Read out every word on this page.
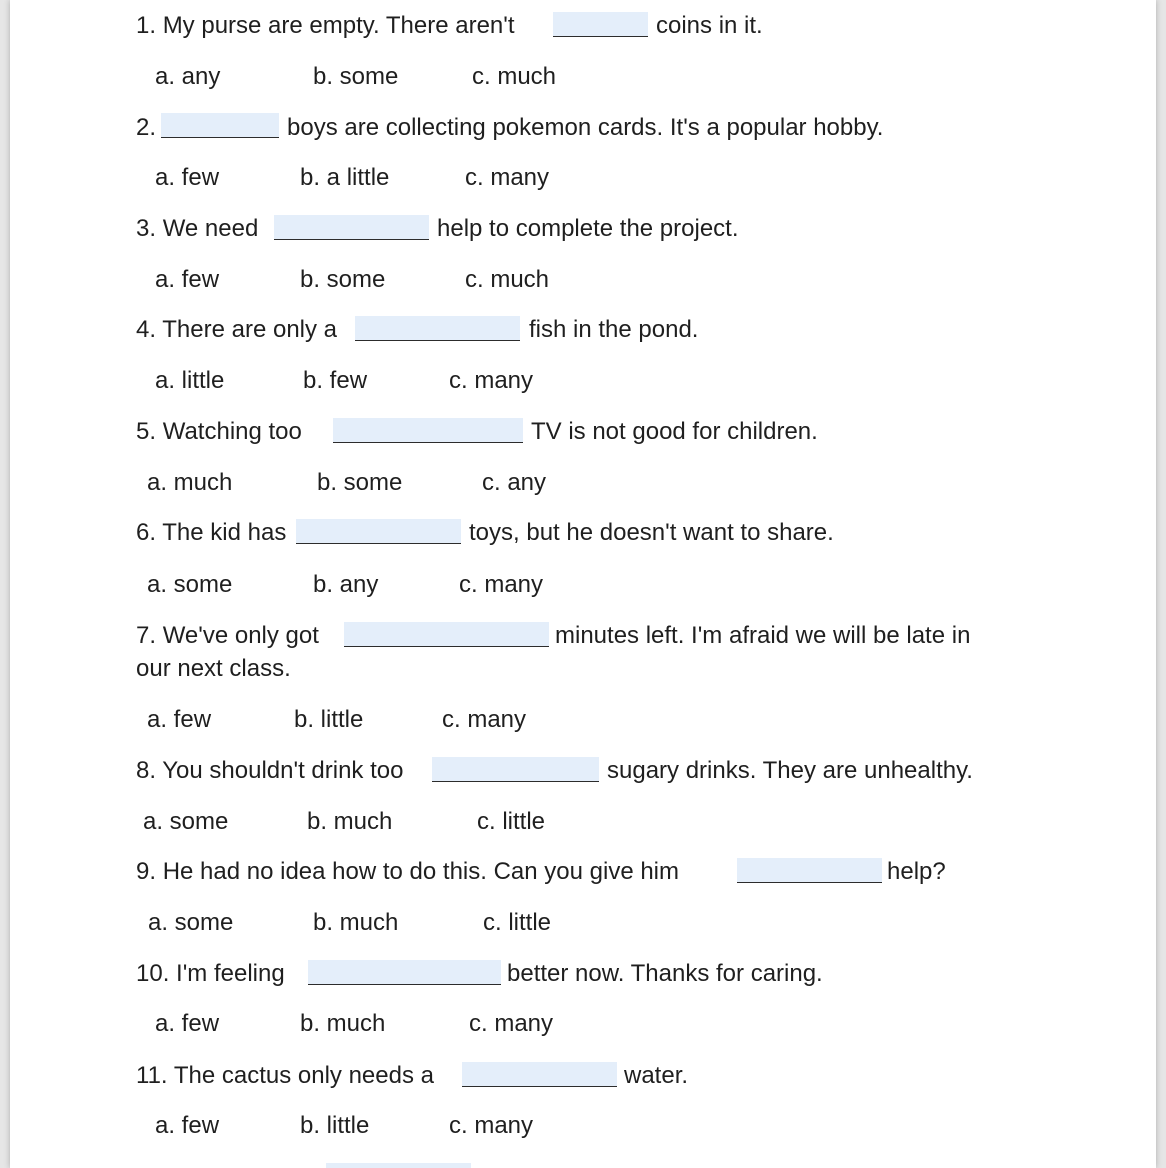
1. My purse are empty. There aren't	coins in it.
a. any	b. some	c. much
2.	boys are collecting pokemon cards. It's a popular hobby.
a. few	b. a little	c. many
3. We need	help to complete the project.
a. few	b. some	c. much
4. There are only a	fish in the pond.
a. little	b. few	c. many
5. Watching too	TV is not good for children.
a. much	b. some	c. any
6. The kid has	toys, but he doesn't want to share.
a. some	b. any	c. many
7. We've only got	minutes left. I'm afraid we will be late in
our next class.
a. few	b. little	c. many
8. You shouldn't drink too	sugary drinks. They are unhealthy.
a. some	b. much	c. little
9. He had no idea how to do this. Can you give him	help?
a. some	b. much	c. little
10. I'm feeling	better now. Thanks for caring.
a. few	b. much	c. many
11. The cactus only needs a	water.
a. few	b. little	c. many
